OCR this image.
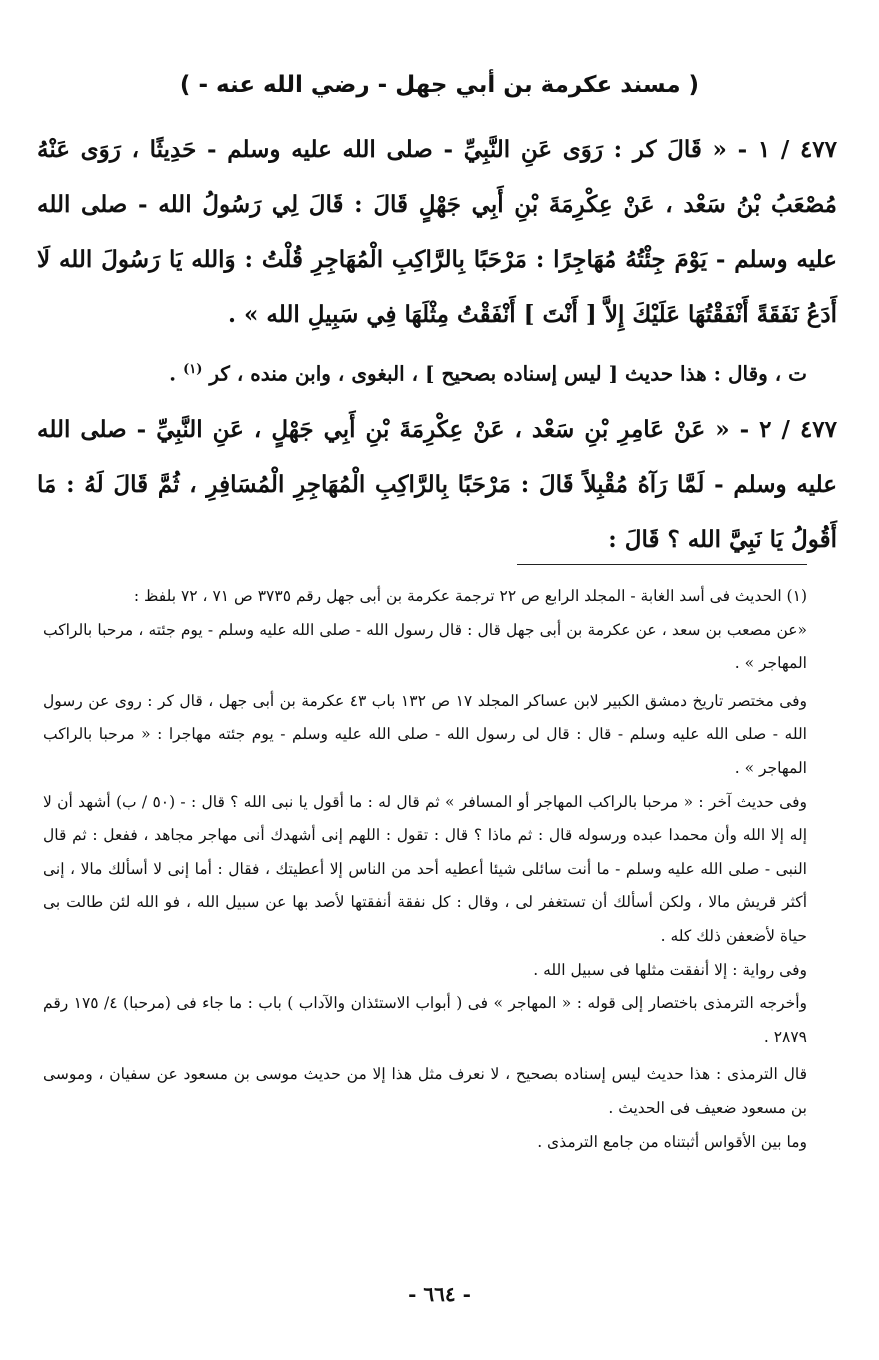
( مسند عكرمة بن أبي جهل - رضي الله عنه - )

٤٧٧ / ١ - « قَالَ كر : رَوَى عَنِ النَّبِيِّ - صلى الله عليه وسلم - حَدِيثًا ، رَوَى عَنْهُ مُصْعَبُ بْنُ سَعْد ، عَنْ عِكْرِمَةَ بْنِ أَبِي جَهْلٍ قَالَ : قَالَ لِي رَسُولُ الله - صلى الله عليه وسلم - يَوْمَ جِئْتُهُ مُهَاجِرًا : مَرْحَبًا بِالرَّاكِبِ الْمُهَاجِرِ قُلْتُ : وَالله يَا رَسُولَ الله لَا أَدَعُ نَفَقَةً أَنْفَقْتُهَا عَلَيْكَ إِلاَّ [ أَنْتَ ] أَنْفَقْتُ مِثْلَهَا فِي سَبِيلِ الله » .

ت ، وقال : هذا حديث [ ليس إسناده بصحيح ] ، البغوى ، وابن منده ، كر $^{(١)}$ .

٤٧٧ / ٢ - « عَنْ عَامِرِ بْنِ سَعْد ، عَنْ عِكْرِمَةَ بْنِ أَبِي جَهْلٍ ، عَنِ النَّبِيِّ - صلى الله عليه وسلم - لَمَّا رَآهُ مُقْبِلاً قَالَ : مَرْحَبًا بِالرَّاكِبِ الْمُهَاجِرِ الْمُسَافِرِ ، ثُمَّ قَالَ لَهُ : مَا أَقُولُ يَا نَبِيَّ الله ؟ قَالَ :

(١) الحديث فى أسد الغابة - المجلد الرابع ص ٢٢ ترجمة عكرمة بن أبى جهل رقم ٣٧٣٥ ص ٧١ ، ٧٢ بلفظ :

«عن مصعب بن سعد ، عن عكرمة بن أبى جهل قال : قال رسول الله - صلى الله عليه وسلم - يوم جئته ، مرحبا بالراكب المهاجر » .

وفى مختصر تاريخ دمشق الكبير لابن عساكر المجلد ١٧ ص ١٣٢ باب ٤٣ عكرمة بن أبى جهل ، قال كر : روى عن رسول الله - صلى الله عليه وسلم - قال : قال لى رسول الله - صلى الله عليه وسلم - يوم جئته مهاجرا : « مرحبا بالراكب المهاجر » .

وفى حديث آخر : « مرحبا بالراكب المهاجر أو المسافر » ثم قال له : ما أقول يا نبى الله ؟ قال : - (٥٠ / ب) أشهد أن لا إله إلا الله وأن محمدا عبده ورسوله قال : ثم ماذا ؟ قال : تقول : اللهم إنى أشهدك أنى مهاجر مجاهد ، ففعل : ثم قال النبى - صلى الله عليه وسلم - ما أنت سائلى شيئا أعطيه أحد من الناس إلا أعطيتك ، فقال : أما إنى لا أسألك مالا ، إنى أكثر قريش مالا ، ولكن أسألك أن تستغفر لى ، وقال : كل نفقة أنفقتها لأصد بها عن سبيل الله ، فو الله لئن طالت بى حياة لأضعفن ذلك كله .

وفى رواية : إلا أنفقت مثلها فى سبيل الله .

وأخرجه الترمذى باختصار إلى قوله : « المهاجر » فى ( أبواب الاستئذان والآداب ) باب : ما جاء فى (مرحبا) ٤/ ١٧٥ رقم ٢٨٧٩ .

قال الترمذى : هذا حديث ليس إسناده بصحيح ، لا نعرف مثل هذا إلا من حديث موسى بن مسعود عن سفيان ، وموسى بن مسعود ضعيف فى الحديث .

وما بين الأقواس أثبتناه من جامع الترمذى .

- ٦٦٤ -
